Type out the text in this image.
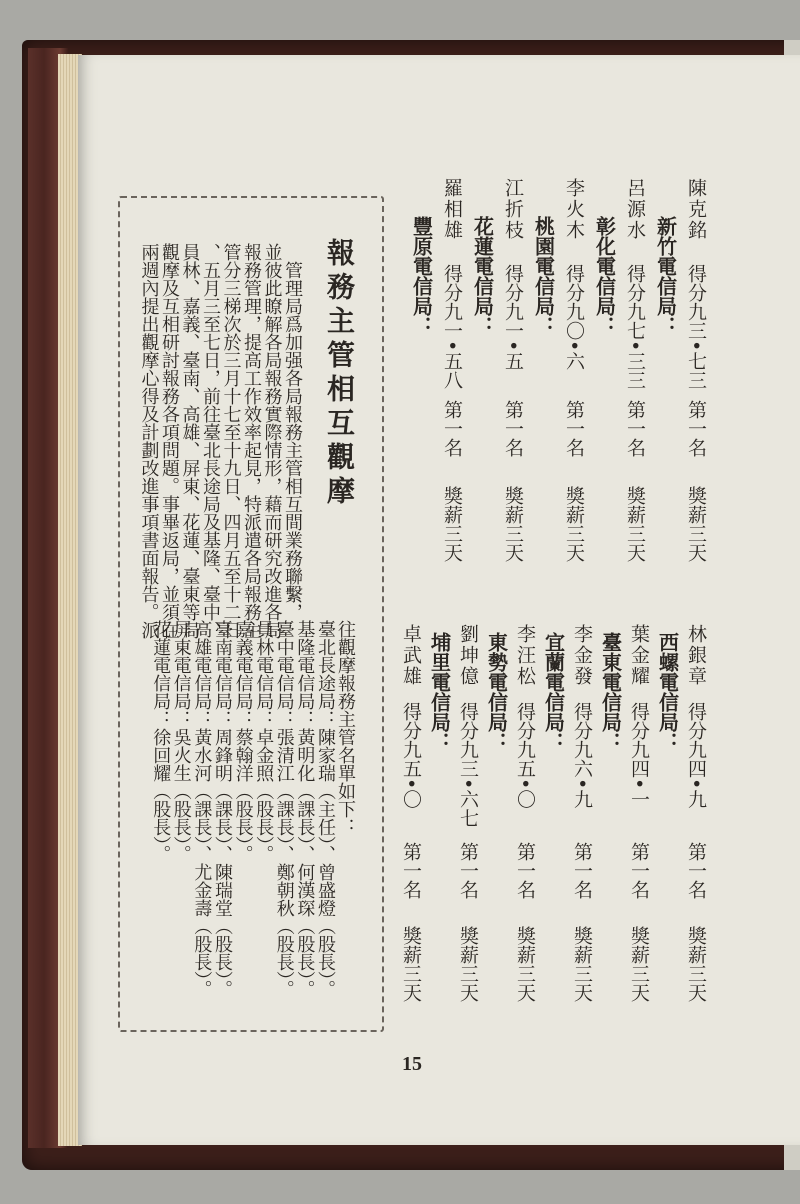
陳克銘
得分九三•七三
第一名
獎薪三天
新竹電信局：
呂源水
得分九七•三三
第一名
獎薪三天
彰化電信局：
李火木
得分九〇•六
第一名
獎薪三天
桃園電信局：
江折枝
得分九一•五
第一名
獎薪三天
花蓮電信局：
羅相雄
得分九一•五八
第一名
獎薪三天
豐原電信局：
林銀章
得分九四•九
第一名
獎薪三天
西螺電信局：
葉金耀
得分九四•一
第一名
獎薪三天
臺東電信局：
李金發
得分九六•九
第一名
獎薪三天
宜蘭電信局：
李汪松
得分九五•〇
第一名
獎薪三天
東勢電信局：
劉坤億
得分九三•六七
第一名
獎薪三天
埔里電信局：
卓武雄
得分九五•〇
第一名
獎薪三天
報務主管相互觀摩
　管理局爲加强各局報務主管相互間業務聯繫，
並彼此瞭解各局報務實際情形，藉而研究改進各局
報務管理，提高工作效率起見，特派遣各局報務主
管分三梯次於三月十七至十九日、四月五至十二日
、五月三至七日，前往臺北長途局及基隆、臺中、
員林、嘉義、臺南、高雄、屏東、花蓮、臺東等局
觀摩及互相研討報務各項問題。事畢返局，並須在
兩週內提出觀摩心得及計劃改進事項書面報告。派
往觀摩報務主管名單如下：
臺北長途局：陳家瑞（主任）、曾盛燈（股長）。
基隆電信局：黃明化（課長）、何漢琛（股長）。
臺中電信局：張清江（課長）、鄭朝秋（股長）。
員林電信局：卓金照（股長）。
嘉義電信局：蔡翰洋（股長）。
臺南電信局：周鋒明（課長）、陳瑞堂（股長）。
高雄電信局：黃水河（課長）、尤金壽（股長）。
屏東電信局：吳火生（股長）。
花蓮電信局：徐回耀（股長）。
15
